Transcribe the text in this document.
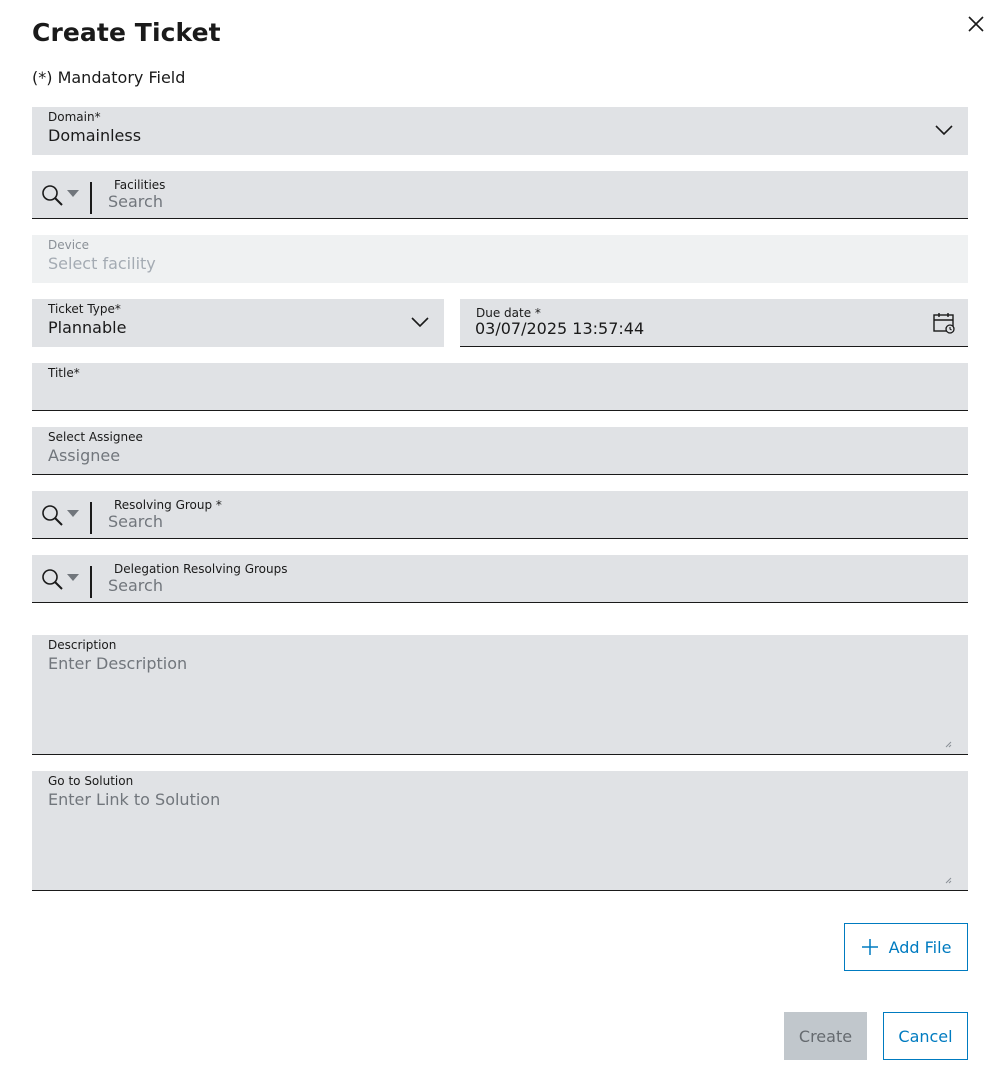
Create Ticket
(*) Mandatory Field
Domain*
Domainless
Facilities
Search
Device
Select facility
Ticket Type*
Plannable
Due date *
03/07/2025 13:57:44
Title*
Select Assignee
Assignee
Resolving Group *
Search
Delegation Resolving Groups
Search
Description
Enter Description
Go to Solution
Enter Link to Solution
Add File
Create	Cancel
